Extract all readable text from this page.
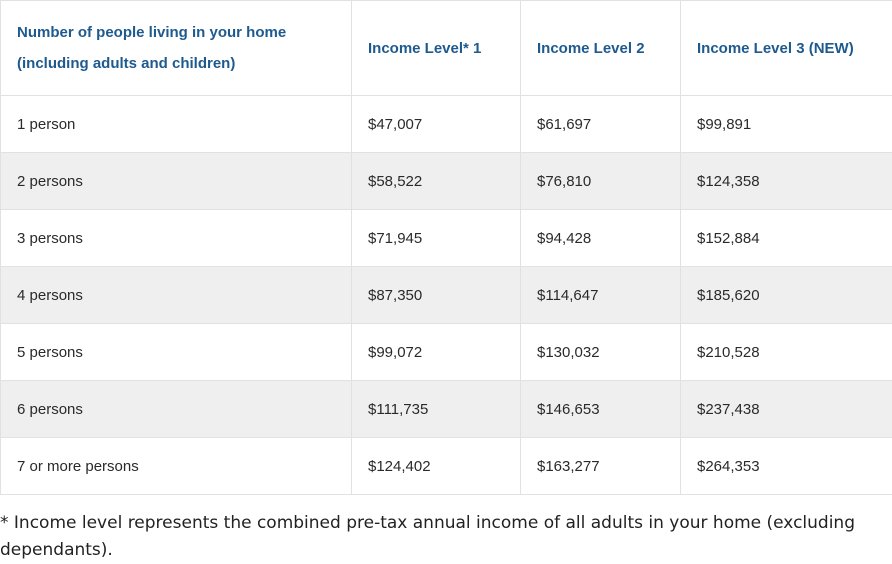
Number of people living in your home
(including adults and children)	Income Level* 1	Income Level 2	Income Level 3 (NEW)
1 person	$47,007	$61,697	$99,891
2 persons	$58,522	$76,810	$124,358
3 persons	$71,945	$94,428	$152,884
4 persons	$87,350	$114,647	$185,620
5 persons	$99,072	$130,032	$210,528
6 persons	$111,735	$146,653	$237,438
7 or more persons	$124,402	$163,277	$264,353

* Income level represents the combined pre-tax annual income of all adults in your home (excluding dependants).
